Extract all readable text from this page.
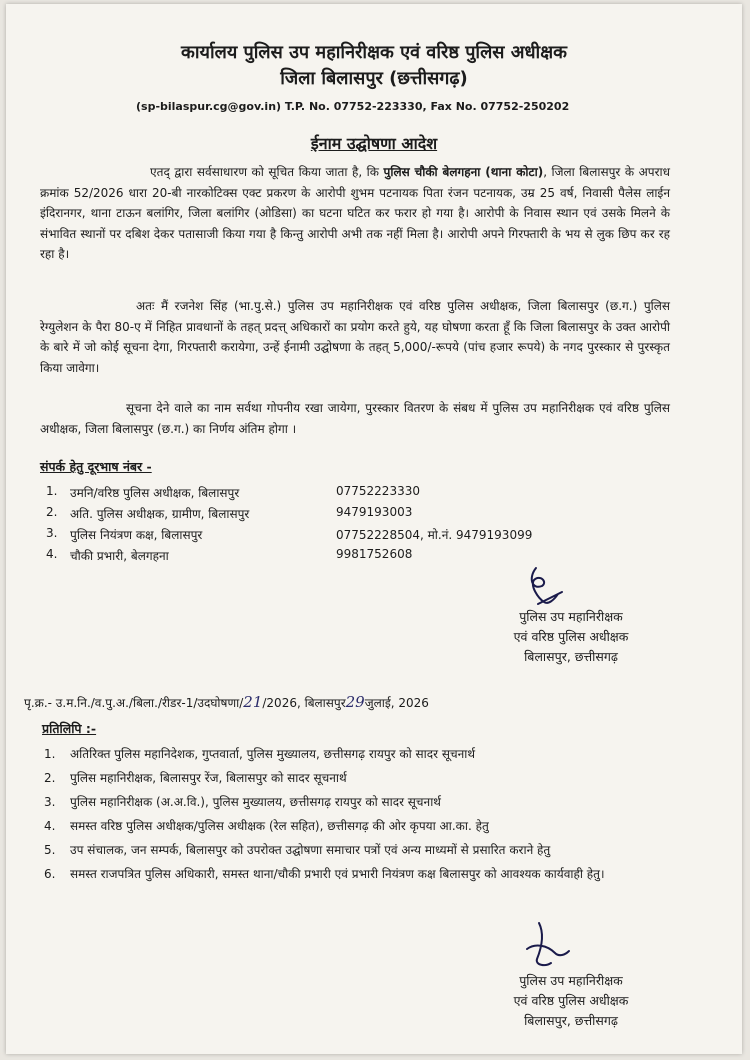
कार्यालय पुलिस उप महानिरीक्षक एवं वरिष्ठ पुलिस अधीक्षक
जिला बिलासपुर (छत्तीसगढ़)
(sp-bilaspur.cg@gov.in) T.P. No. 07752-223330, Fax No. 07752-250202
ईनाम उद्घोषणा आदेश
एतद् द्वारा सर्वसाधारण को सूचित किया जाता है, कि पुलिस चौकी बेलगहना (थाना कोटा), जिला बिलासपुर के अपराध क्रमांक 52/2026 धारा 20-बी नारकोटिक्स एक्ट प्रकरण के आरोपी शुभम पटनायक पिता रंजन पटनायक, उम्र 25 वर्ष, निवासी पैलेस लाईन इंदिरानगर, थाना टाऊन बलांगिर, जिला बलांगिर (ओडिसा) का घटना घटित कर फरार हो गया है। आरोपी के निवास स्थान एवं उसके मिलने के संभावित स्थानों पर दबिश देकर पतासाजी किया गया है किन्तु आरोपी अभी तक नहीं मिला है। आरोपी अपने गिरफ्तारी के भय से लुक छिप कर रह रहा है।
अतः मैं रजनेश सिंह (भा.पु.से.) पुलिस उप महानिरीक्षक एवं वरिष्ठ पुलिस अधीक्षक, जिला बिलासपुर (छ.ग.) पुलिस रेग्युलेशन के पैरा 80-ए में निहित प्रावधानों के तहत् प्रदत्त् अधिकारों का प्रयोग करते हुये, यह घोषणा करता हूँ कि जिला बिलासपुर के उक्त आरोपी के बारे में जो कोई सूचना देगा, गिरफ्तारी करायेगा, उन्हें ईनामी उद्घोषणा के तहत् 5,000/-रूपये (पांच हजार रूपये) के नगद पुरस्कार से पुरस्कृत किया जावेगा।
सूचना देने वाले का नाम सर्वथा गोपनीय रखा जायेगा, पुरस्कार वितरण के संबध में पुलिस उप महानिरीक्षक एवं वरिष्ठ पुलिस अधीक्षक, जिला बिलासपुर (छ.ग.) का निर्णय अंतिम होगा ।
संपर्क हेतु दूरभाष नंबर -
1. उमनि/वरिष्ठ पुलिस अधीक्षक, बिलासपुर	07752223330
2. अति. पुलिस अधीक्षक, ग्रामीण, बिलासपुर	9479193003
3. पुलिस नियंत्रण कक्ष, बिलासपुर	07752228504, मो.नं. 9479193099
4. चौकी प्रभारी, बेलगहना	9981752608
पुलिस उप महानिरीक्षक
एवं वरिष्ठ पुलिस अधीक्षक
बिलासपुर, छत्तीसगढ़
पृ.क्र.- उ.म.नि./व.पु.अ./बिला./रीडर-1/उदघोषणा/21/2026, बिलासपुर29जुलाई, 2026
प्रतिलिपि :-
1. अतिरिक्त पुलिस महानिदेशक, गुप्तवार्ता, पुलिस मुख्यालय, छत्तीसगढ़ रायपुर को सादर सूचनार्थ
2. पुलिस महानिरीक्षक, बिलासपुर रेंज, बिलासपुर को सादर सूचनार्थ
3. पुलिस महानिरीक्षक (अ.अ.वि.), पुलिस मुख्यालय, छत्तीसगढ़ रायपुर को सादर सूचनार्थ
4. समस्त वरिष्ठ पुलिस अधीक्षक/पुलिस अधीक्षक (रेल सहित), छत्तीसगढ़ की ओर कृपया आ.का. हेतु
5. उप संचालक, जन सम्पर्क, बिलासपुर को उपरोक्त उद्घोषणा समाचार पत्रों एवं अन्य माध्यमों से प्रसारित कराने हेतु
6. समस्त राजपत्रित पुलिस अधिकारी, समस्त थाना/चौकी प्रभारी एवं प्रभारी नियंत्रण कक्ष बिलासपुर को आवश्यक कार्यवाही हेतु।
पुलिस उप महानिरीक्षक
एवं वरिष्ठ पुलिस अधीक्षक
बिलासपुर, छत्तीसगढ़
